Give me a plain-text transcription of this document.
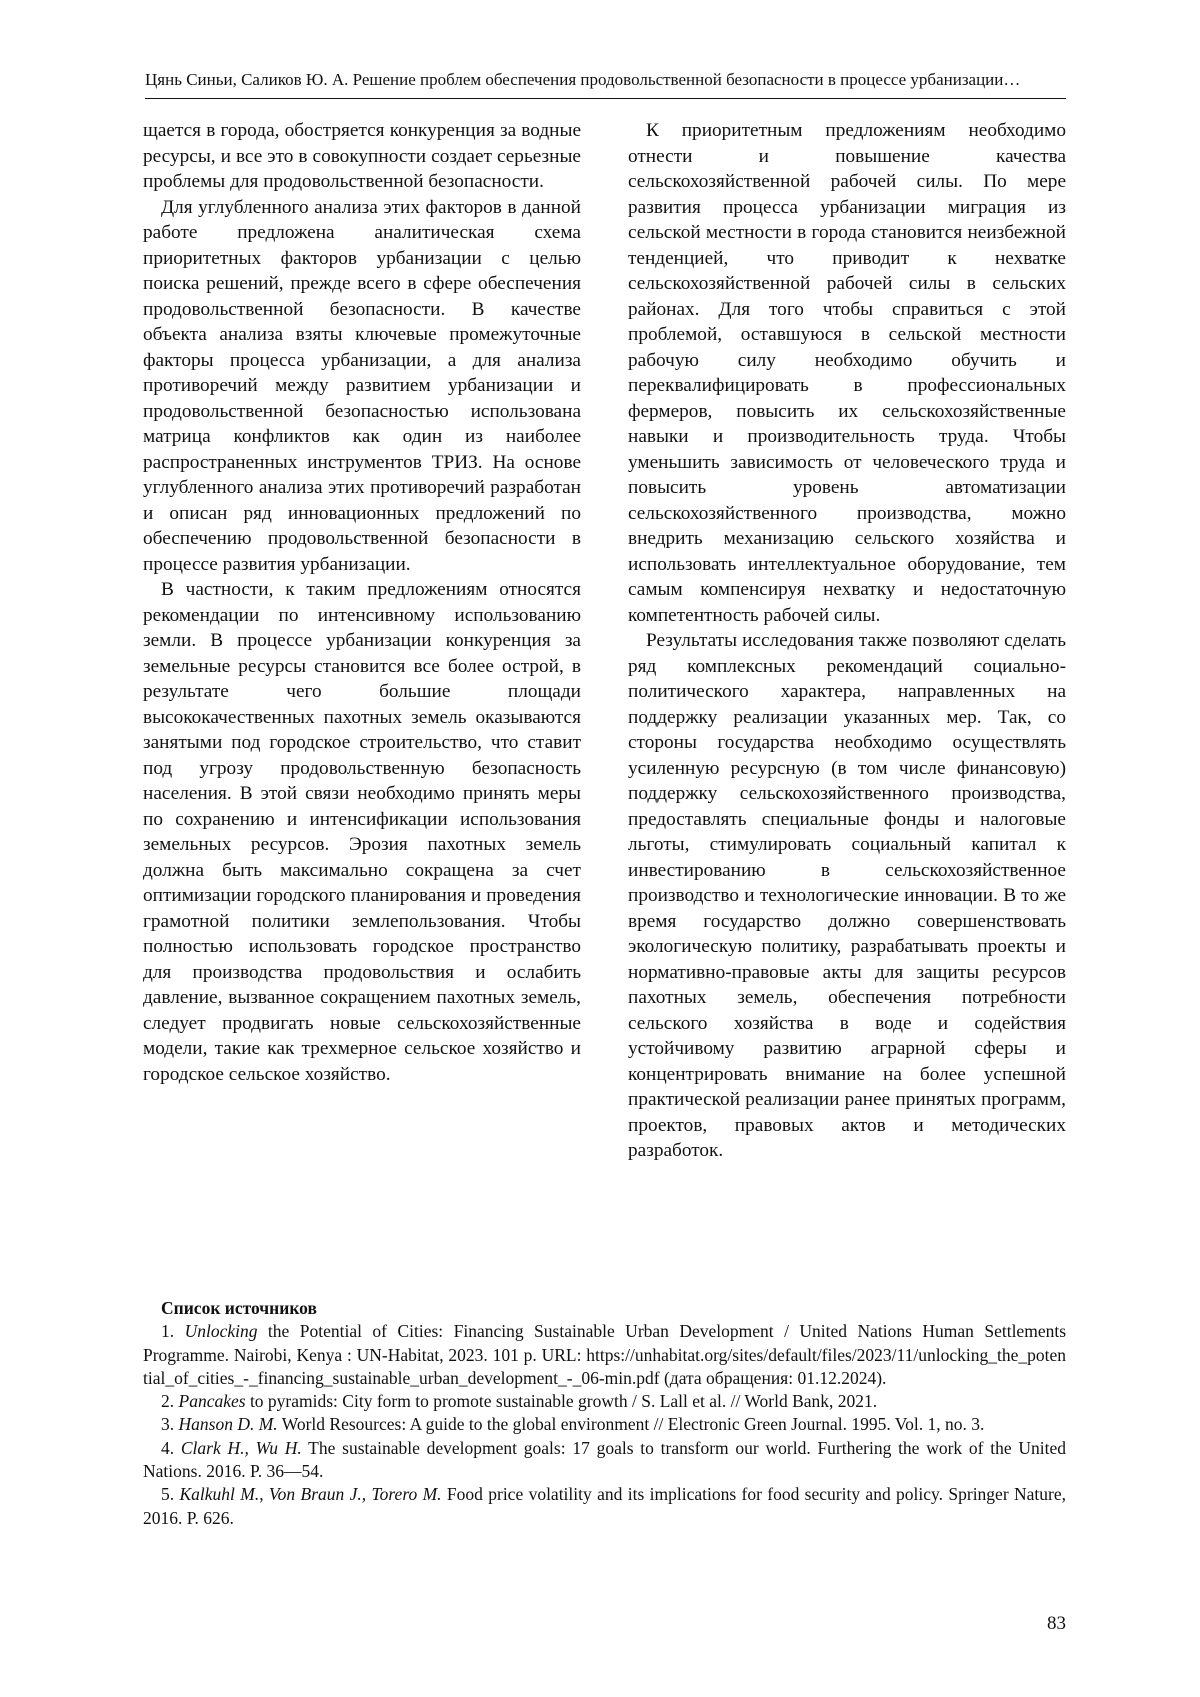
Цянь Синьи, Саликов Ю. А. Решение проблем обеспечения продовольственной безопасности в процессе урбанизации…

щается в города, обостряется конкуренция за водные ресурсы, и все это в совокупности создает серьезные проблемы для продовольственной безопасности.

Для углубленного анализа этих факторов в данной работе предложена аналитическая схема приоритетных факторов урбанизации с целью поиска решений, прежде всего в сфере обеспечения продовольственной безопасности. В качестве объекта анализа взяты ключевые промежуточные факторы процесса урбанизации, а для анализа противоречий между развитием урбанизации и продовольственной безопасностью использована матрица конфликтов как один из наиболее распространенных инструментов ТРИЗ. На основе углубленного анализа этих противоречий разработан и описан ряд инновационных предложений по обеспечению продовольственной безопасности в процессе развития урбанизации.

В частности, к таким предложениям относятся рекомендации по интенсивному использованию земли. В процессе урбанизации конкуренция за земельные ресурсы становится все более острой, в результате чего большие площади высококачественных пахотных земель оказываются занятыми под городское строительство, что ставит под угрозу продовольственную безопасность населения. В этой связи необходимо принять меры по сохранению и интенсификации использования земельных ресурсов. Эрозия пахотных земель должна быть максимально сокращена за счет оптимизации городского планирования и проведения грамотной политики землепользования. Чтобы полностью использовать городское пространство для производства продовольствия и ослабить давление, вызванное сокращением пахотных земель, следует продвигать новые сельскохозяйственные модели, такие как трехмерное сельское хозяйство и городское сельское хозяйство.

К приоритетным предложениям необходимо отнести и повышение качества сельскохозяйственной рабочей силы. По мере развития процесса урбанизации миграция из сельской местности в города становится неизбежной тенденцией, что приводит к нехватке сельскохозяйственной рабочей силы в сельских районах. Для того чтобы справиться с этой проблемой, оставшуюся в сельской местности рабочую силу необходимо обучить и переквалифицировать в профессиональных фермеров, повысить их сельскохозяйственные навыки и производительность труда. Чтобы уменьшить зависимость от человеческого труда и повысить уровень автоматизации сельскохозяйственного производства, можно внедрить механизацию сельского хозяйства и использовать интеллектуальное оборудование, тем самым компенсируя нехватку и недостаточную компетентность рабочей силы.

Результаты исследования также позволяют сделать ряд комплексных рекомендаций социально-политического характера, направленных на поддержку реализации указанных мер. Так, со стороны государства необходимо осуществлять усиленную ресурсную (в том числе финансовую) поддержку сельскохозяйственного производства, предоставлять специальные фонды и налоговые льготы, стимулировать социальный капитал к инвестированию в сельскохозяйственное производство и технологические инновации. В то же время государство должно совершенствовать экологическую политику, разрабатывать проекты и нормативно-правовые акты для защиты ресурсов пахотных земель, обеспечения потребности сельского хозяйства в воде и содействия устойчивому развитию аграрной сферы и концентрировать внимание на более успешной практической реализации ранее принятых программ, проектов, правовых актов и методических разработок.

Список источников

1. Unlocking the Potential of Cities: Financing Sustainable Urban Development / United Nations Human Settlements Programme. Nairobi, Kenya : UN-Habitat, 2023. 101 p. URL: https://unhabitat.org/sites/default/files/2023/11/unlocking_the_potential_of_cities_-_financing_sustainable_urban_development_-_06-min.pdf (дата обращения: 01.12.2024).

2. Pancakes to pyramids: City form to promote sustainable growth / S. Lall et al. // World Bank, 2021.

3. Hanson D. M. World Resources: A guide to the global environment // Electronic Green Journal. 1995. Vol. 1, no. 3.

4. Clark H., Wu H. The sustainable development goals: 17 goals to transform our world. Furthering the work of the United Nations. 2016. P. 36—54.

5. Kalkuhl M., Von Braun J., Torero M. Food price volatility and its implications for food security and policy. Springer Nature, 2016. P. 626.

83
